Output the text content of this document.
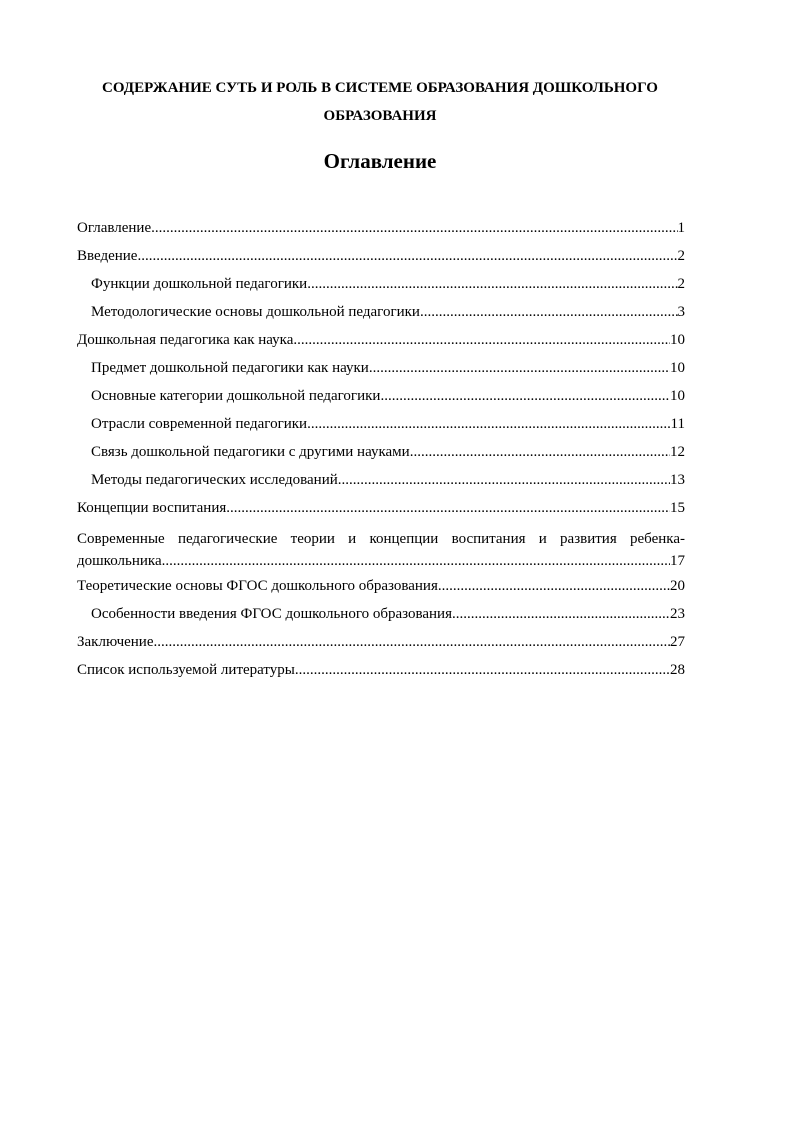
СОДЕРЖАНИЕ СУТЬ И РОЛЬ В СИСТЕМЕ ОБРАЗОВАНИЯ ДОШКОЛЬНОГО ОБРАЗОВАНИЯ
Оглавление
Оглавление .....	1
Введение .....	2
Функции дошкольной педагогики .....	2
Методологические основы дошкольной педагогики .....	3
Дошкольная педагогика как наука .....	10
Предмет дошкольной педагогики как науки .....	10
Основные категории дошкольной педагогики .....	10
Отрасли современной педагогики .....	11
Связь дошкольной педагогики с другими науками .....	12
Методы педагогических исследований .....	13
Концепции воспитания .....	15
Современные педагогические теории и концепции воспитания и развития ребенка-
дошкольника .....	17
Теоретические основы ФГОС дошкольного образования .....	20
Особенности введения ФГОС дошкольного образования .....	23
Заключение .....	27
Список используемой литературы .....	28
